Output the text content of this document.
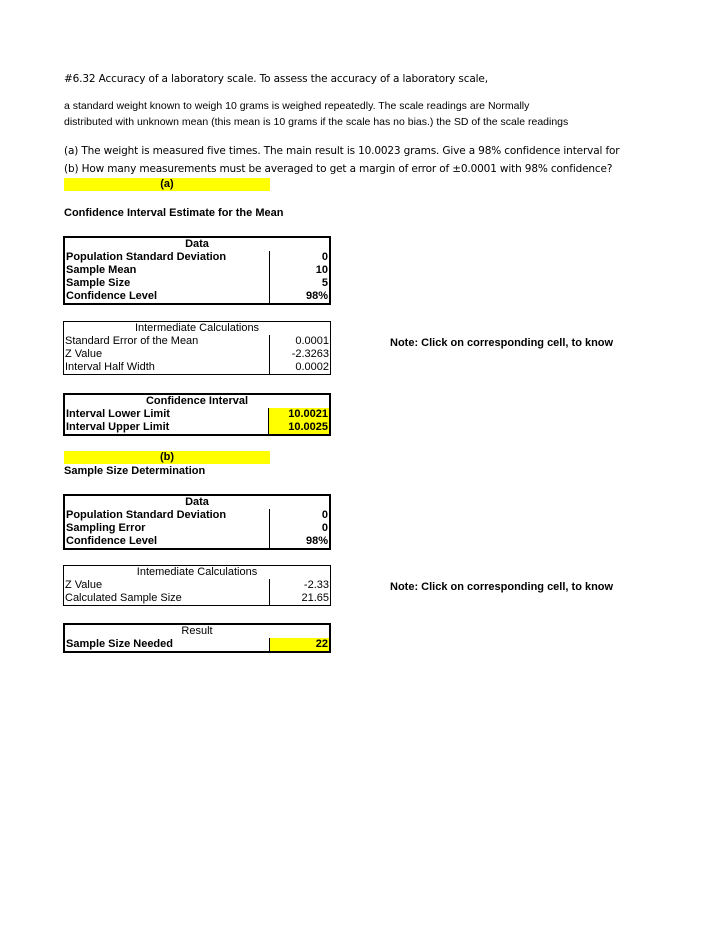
#6.32 Accuracy of a laboratory scale. To assess the accuracy of a laboratory scale,
a standard weight known to weigh 10 grams is weighed repeatedly. The scale readings are Normally
distributed with unknown mean (this mean is 10 grams if the scale has no bias.) the SD of the scale readings
(a) The weight is measured five times. The main result is 10.0023 grams. Give a 98% confidence interval for
(b) How many measurements must be averaged to get a margin of error of ±0.0001 with 98% confidence?
(a)
Confidence Interval Estimate for the Mean
Data	
Population Standard Deviation	0
Sample Mean	10
Sample Size	5
Confidence Level	98%
Intermediate Calculations	
Standard Error of the Mean	0.0001
Z Value	-2.3263
Interval Half Width	0.0002
Note: Click on corresponding cell, to know
Confidence Interval	
Interval Lower Limit	10.0021
Interval Upper Limit	10.0025
(b)
Sample Size Determination
Data	
Population Standard Deviation	0
Sampling Error	0
Confidence Level	98%
Intemediate Calculations	
Z Value	-2.33
Calculated Sample Size	21.65
Note: Click on corresponding cell, to know
Result
Sample Size Needed	22
